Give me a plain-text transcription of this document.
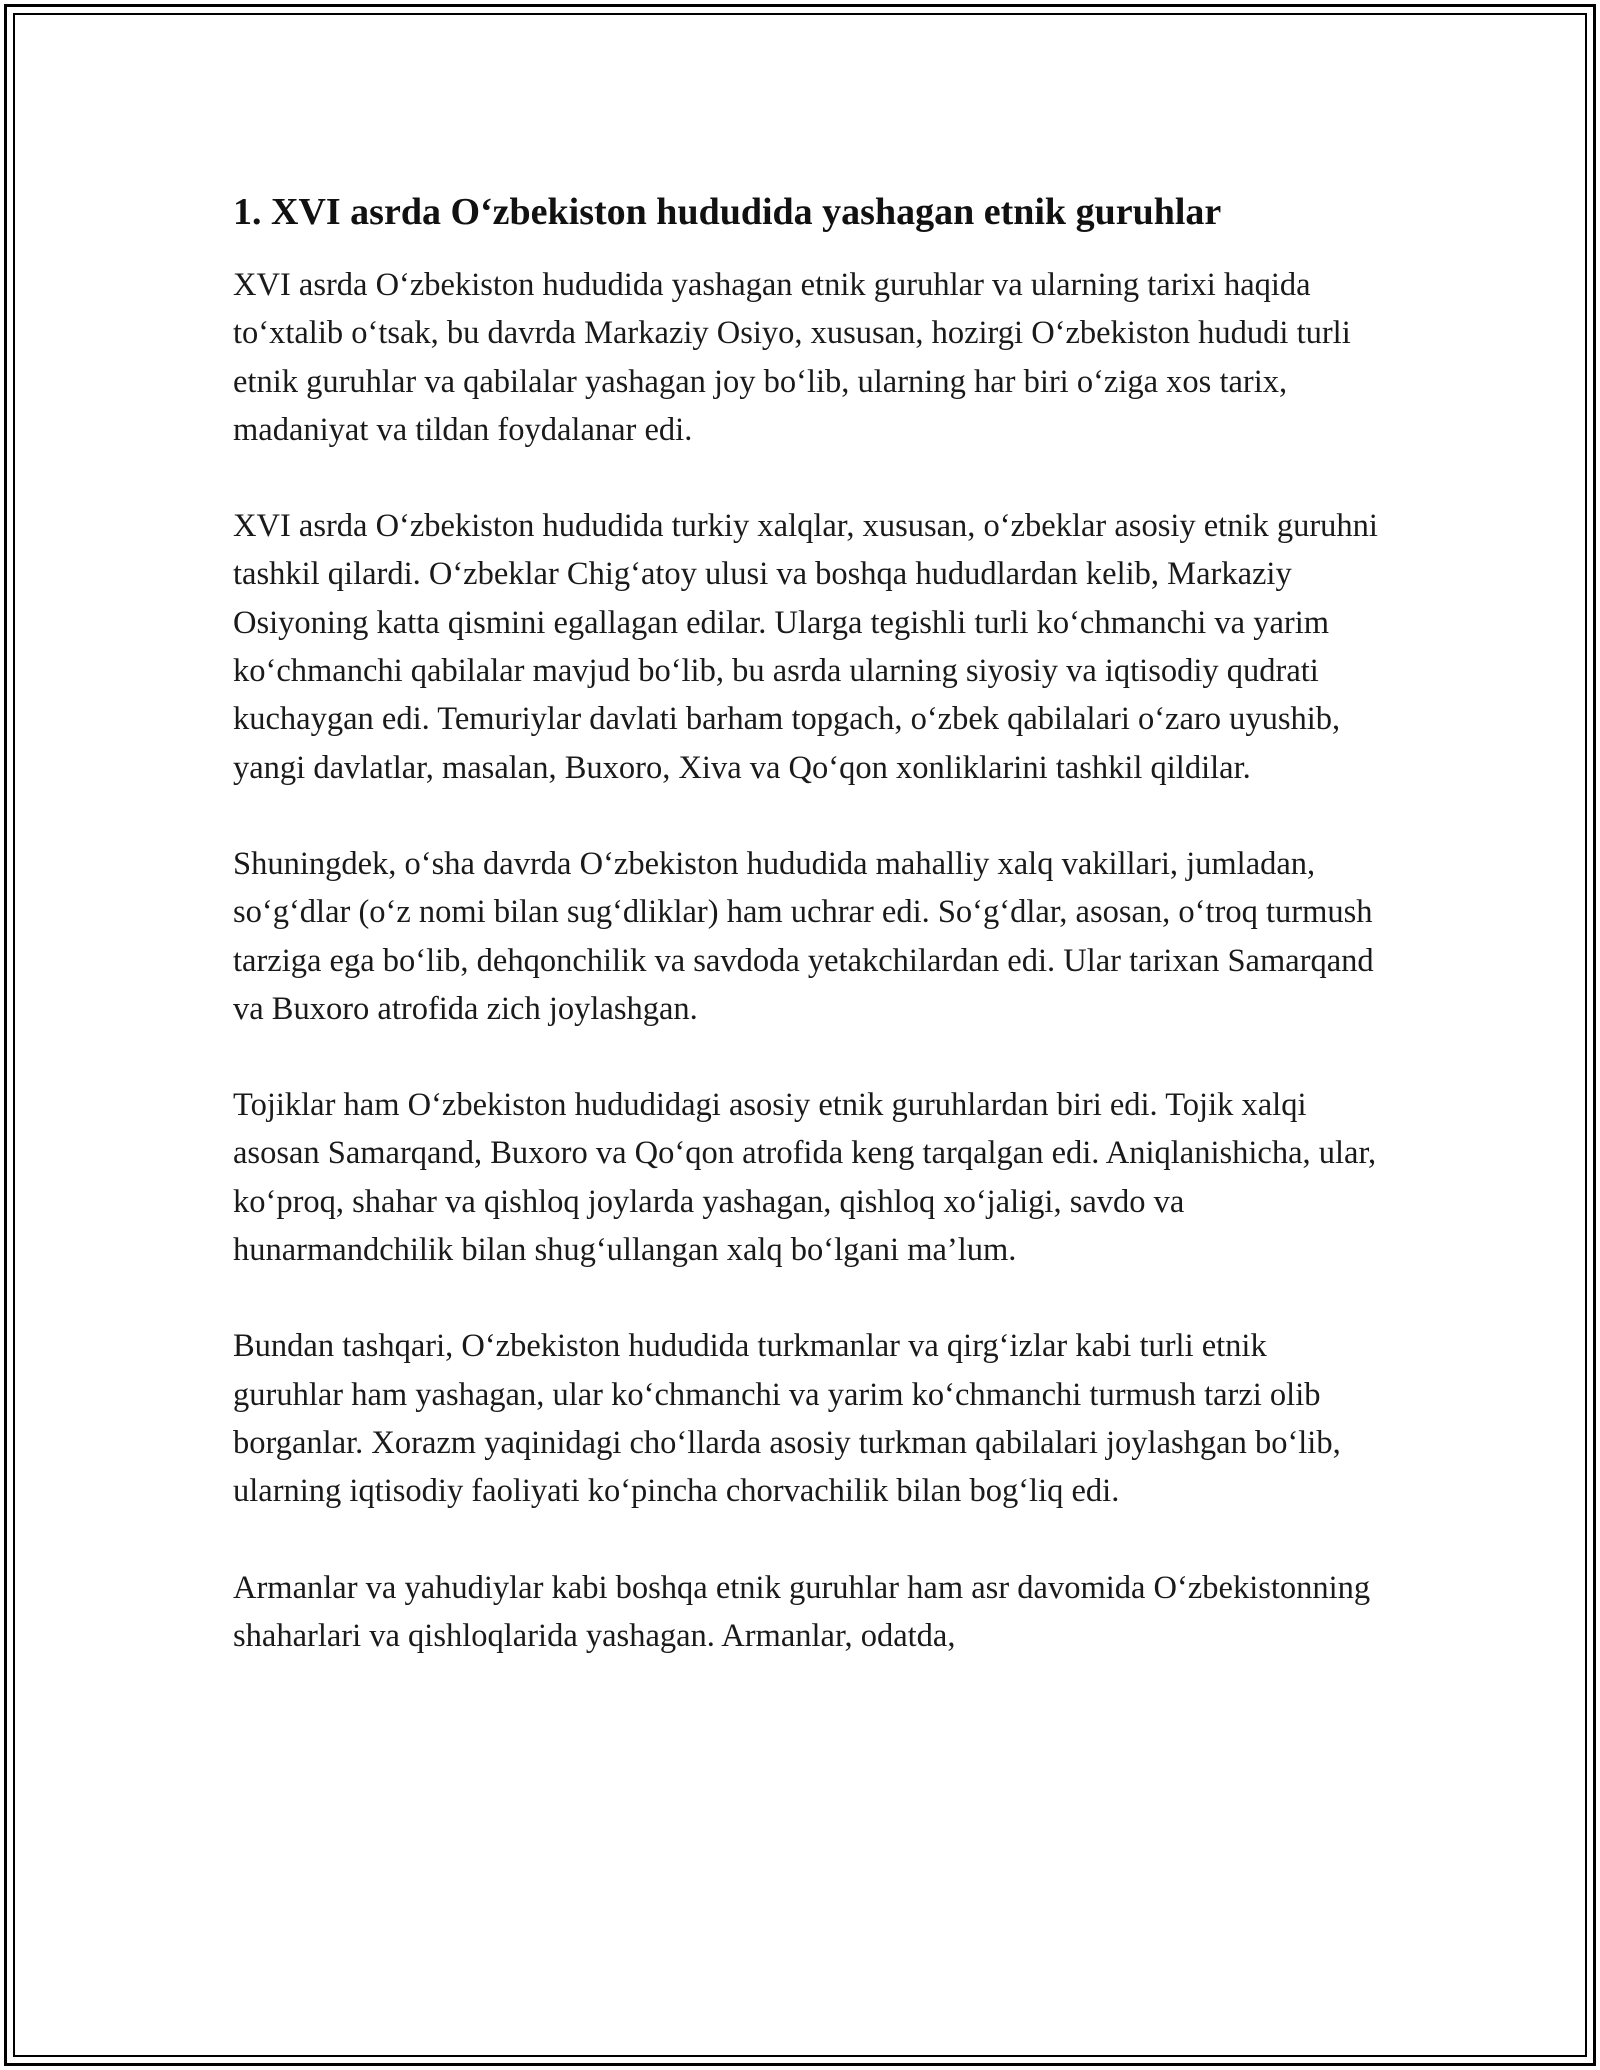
1. XVI asrda O‘zbekiston hududida yashagan etnik guruhlar

XVI asrda O‘zbekiston hududida yashagan etnik guruhlar va ularning tarixi haqida to‘xtalib o‘tsak, bu davrda Markaziy Osiyo, xususan, hozirgi O‘zbekiston hududi turli etnik guruhlar va qabilalar yashagan joy bo‘lib, ularning har biri o‘ziga xos tarix, madaniyat va tildan foydalanar edi.

XVI asrda O‘zbekiston hududida turkiy xalqlar, xususan, o‘zbeklar asosiy etnik guruhni tashkil qilardi. O‘zbeklar Chig‘atoy ulusi va boshqa hududlardan kelib, Markaziy Osiyoning katta qismini egallagan edilar. Ularga tegishli turli ko‘chmanchi va yarim ko‘chmanchi qabilalar mavjud bo‘lib, bu asrda ularning siyosiy va iqtisodiy qudrati kuchaygan edi. Temuriylar davlati barham topgach, o‘zbek qabilalari o‘zaro uyushib, yangi davlatlar, masalan, Buxoro, Xiva va Qo‘qon xonliklarini tashkil qildilar.

Shuningdek, o‘sha davrda O‘zbekiston hududida mahalliy xalq vakillari, jumladan, so‘g‘dlar (o‘z nomi bilan sug‘dliklar) ham uchrar edi. So‘g‘dlar, asosan, o‘troq turmush tarziga ega bo‘lib, dehqonchilik va savdoda yetakchilardan edi. Ular tarixan Samarqand va Buxoro atrofida zich joylashgan.

Tojiklar ham O‘zbekiston hududidagi asosiy etnik guruhlardan biri edi. Tojik xalqi asosan Samarqand, Buxoro va Qo‘qon atrofida keng tarqalgan edi. Aniqlanishicha, ular, ko‘proq, shahar va qishloq joylarda yashagan, qishloq xo‘jaligi, savdo va hunarmandchilik bilan shug‘ullangan xalq bo‘lgani ma’lum.

Bundan tashqari, O‘zbekiston hududida turkmanlar va qirg‘izlar kabi turli etnik guruhlar ham yashagan, ular ko‘chmanchi va yarim ko‘chmanchi turmush tarzi olib borganlar. Xorazm yaqinidagi cho‘llarda asosiy turkman qabilalari joylashgan bo‘lib, ularning iqtisodiy faoliyati ko‘pincha chorvachilik bilan bog‘liq edi.

Armanlar va yahudiylar kabi boshqa etnik guruhlar ham asr davomida O‘zbekistonning shaharlari va qishloqlarida yashagan. Armanlar, odatda,
